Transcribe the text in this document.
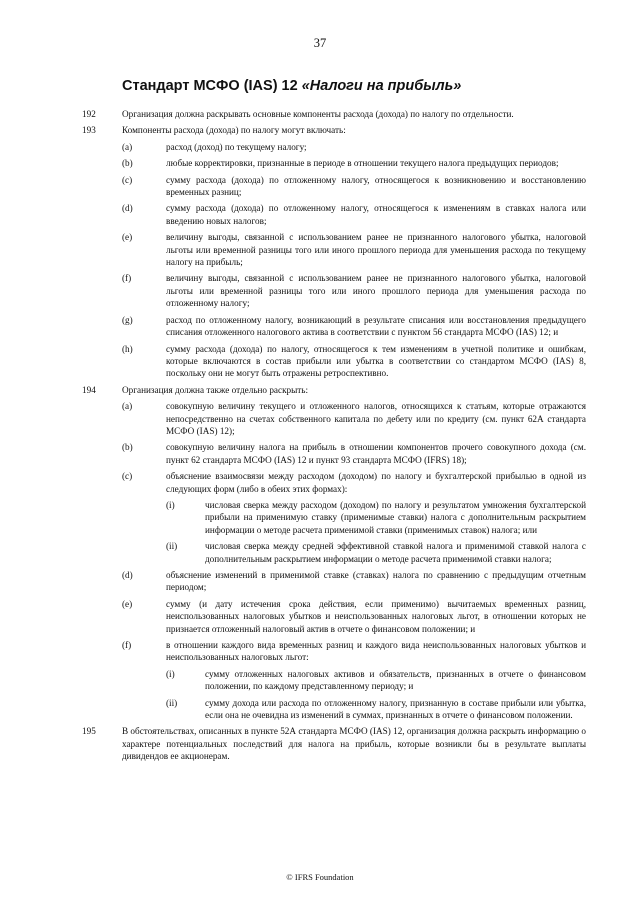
37
Стандарт МСФО (IAS) 12 «Налоги на прибыль»
192	Организация должна раскрывать основные компоненты расхода (дохода) по налогу по отдельности.
193	Компоненты расхода (дохода) по налогу могут включать:
(a)	расход (доход) по текущему налогу;
(b)	любые корректировки, признанные в периоде в отношении текущего налога предыдущих периодов;
(c)	сумму расхода (дохода) по отложенному налогу, относящегося к возникновению и восстановлению временных разниц;
(d)	сумму расхода (дохода) по отложенному налогу, относящегося к изменениям в ставках налога или введению новых налогов;
(e)	величину выгоды, связанной с использованием ранее не признанного налогового убытка, налоговой льготы или временной разницы того или иного прошлого периода для уменьшения расхода по текущему налогу на прибыль;
(f)	величину выгоды, связанной с использованием ранее не признанного налогового убытка, налоговой льготы или временной разницы того или иного прошлого периода для уменьшения расхода по отложенному налогу;
(g)	расход по отложенному налогу, возникающий в результате списания или восстановления предыдущего списания отложенного налогового актива в соответствии с пунктом 56 стандарта МСФО (IAS) 12; и
(h)	сумму расхода (дохода) по налогу, относящегося к тем изменениям в учетной политике и ошибкам, которые включаются в состав прибыли или убытка в соответствии со стандартом МСФО (IAS) 8, поскольку они не могут быть отражены ретроспективно.
194	Организация должна также отдельно раскрыть:
(a)	совокупную величину текущего и отложенного налогов, относящихся к статьям, которые отражаются непосредственно на счетах собственного капитала по дебету или по кредиту (см. пункт 62А стандарта МСФО (IAS) 12);
(b)	совокупную величину налога на прибыль в отношении компонентов прочего совокупного дохода (см. пункт 62 стандарта МСФО (IAS) 12 и пункт 93 стандарта МСФО (IFRS) 18);
(c)	объяснение взаимосвязи между расходом (доходом) по налогу и бухгалтерской прибылью в одной из следующих форм (либо в обеих этих формах):
(i)	числовая сверка между расходом (доходом) по налогу и результатом умножения бухгалтерской прибыли на применимую ставку (применимые ставки) налога с дополнительным раскрытием информации о методе расчета применимой ставки (применимых ставок) налога; или
(ii)	числовая сверка между средней эффективной ставкой налога и применимой ставкой налога с дополнительным раскрытием информации о методе расчета применимой ставки налога;
(d)	объяснение изменений в применимой ставке (ставках) налога по сравнению с предыдущим отчетным периодом;
(e)	сумму (и дату истечения срока действия, если применимо) вычитаемых временных разниц, неиспользованных налоговых убытков и неиспользованных налоговых льгот, в отношении которых не признается отложенный налоговый актив в отчете о финансовом положении; и
(f)	в отношении каждого вида временных разниц и каждого вида неиспользованных налоговых убытков и неиспользованных налоговых льгот:
(i)	сумму отложенных налоговых активов и обязательств, признанных в отчете о финансовом положении, по каждому представленному периоду; и
(ii)	сумму дохода или расхода по отложенному налогу, признанную в составе прибыли или убытка, если она не очевидна из изменений в суммах, признанных в отчете о финансовом положении.
195	В обстоятельствах, описанных в пункте 52А стандарта МСФО (IAS) 12, организация должна раскрыть информацию о характере потенциальных последствий для налога на прибыль, которые возникли бы в результате выплаты дивидендов ее акционерам.
© IFRS Foundation
